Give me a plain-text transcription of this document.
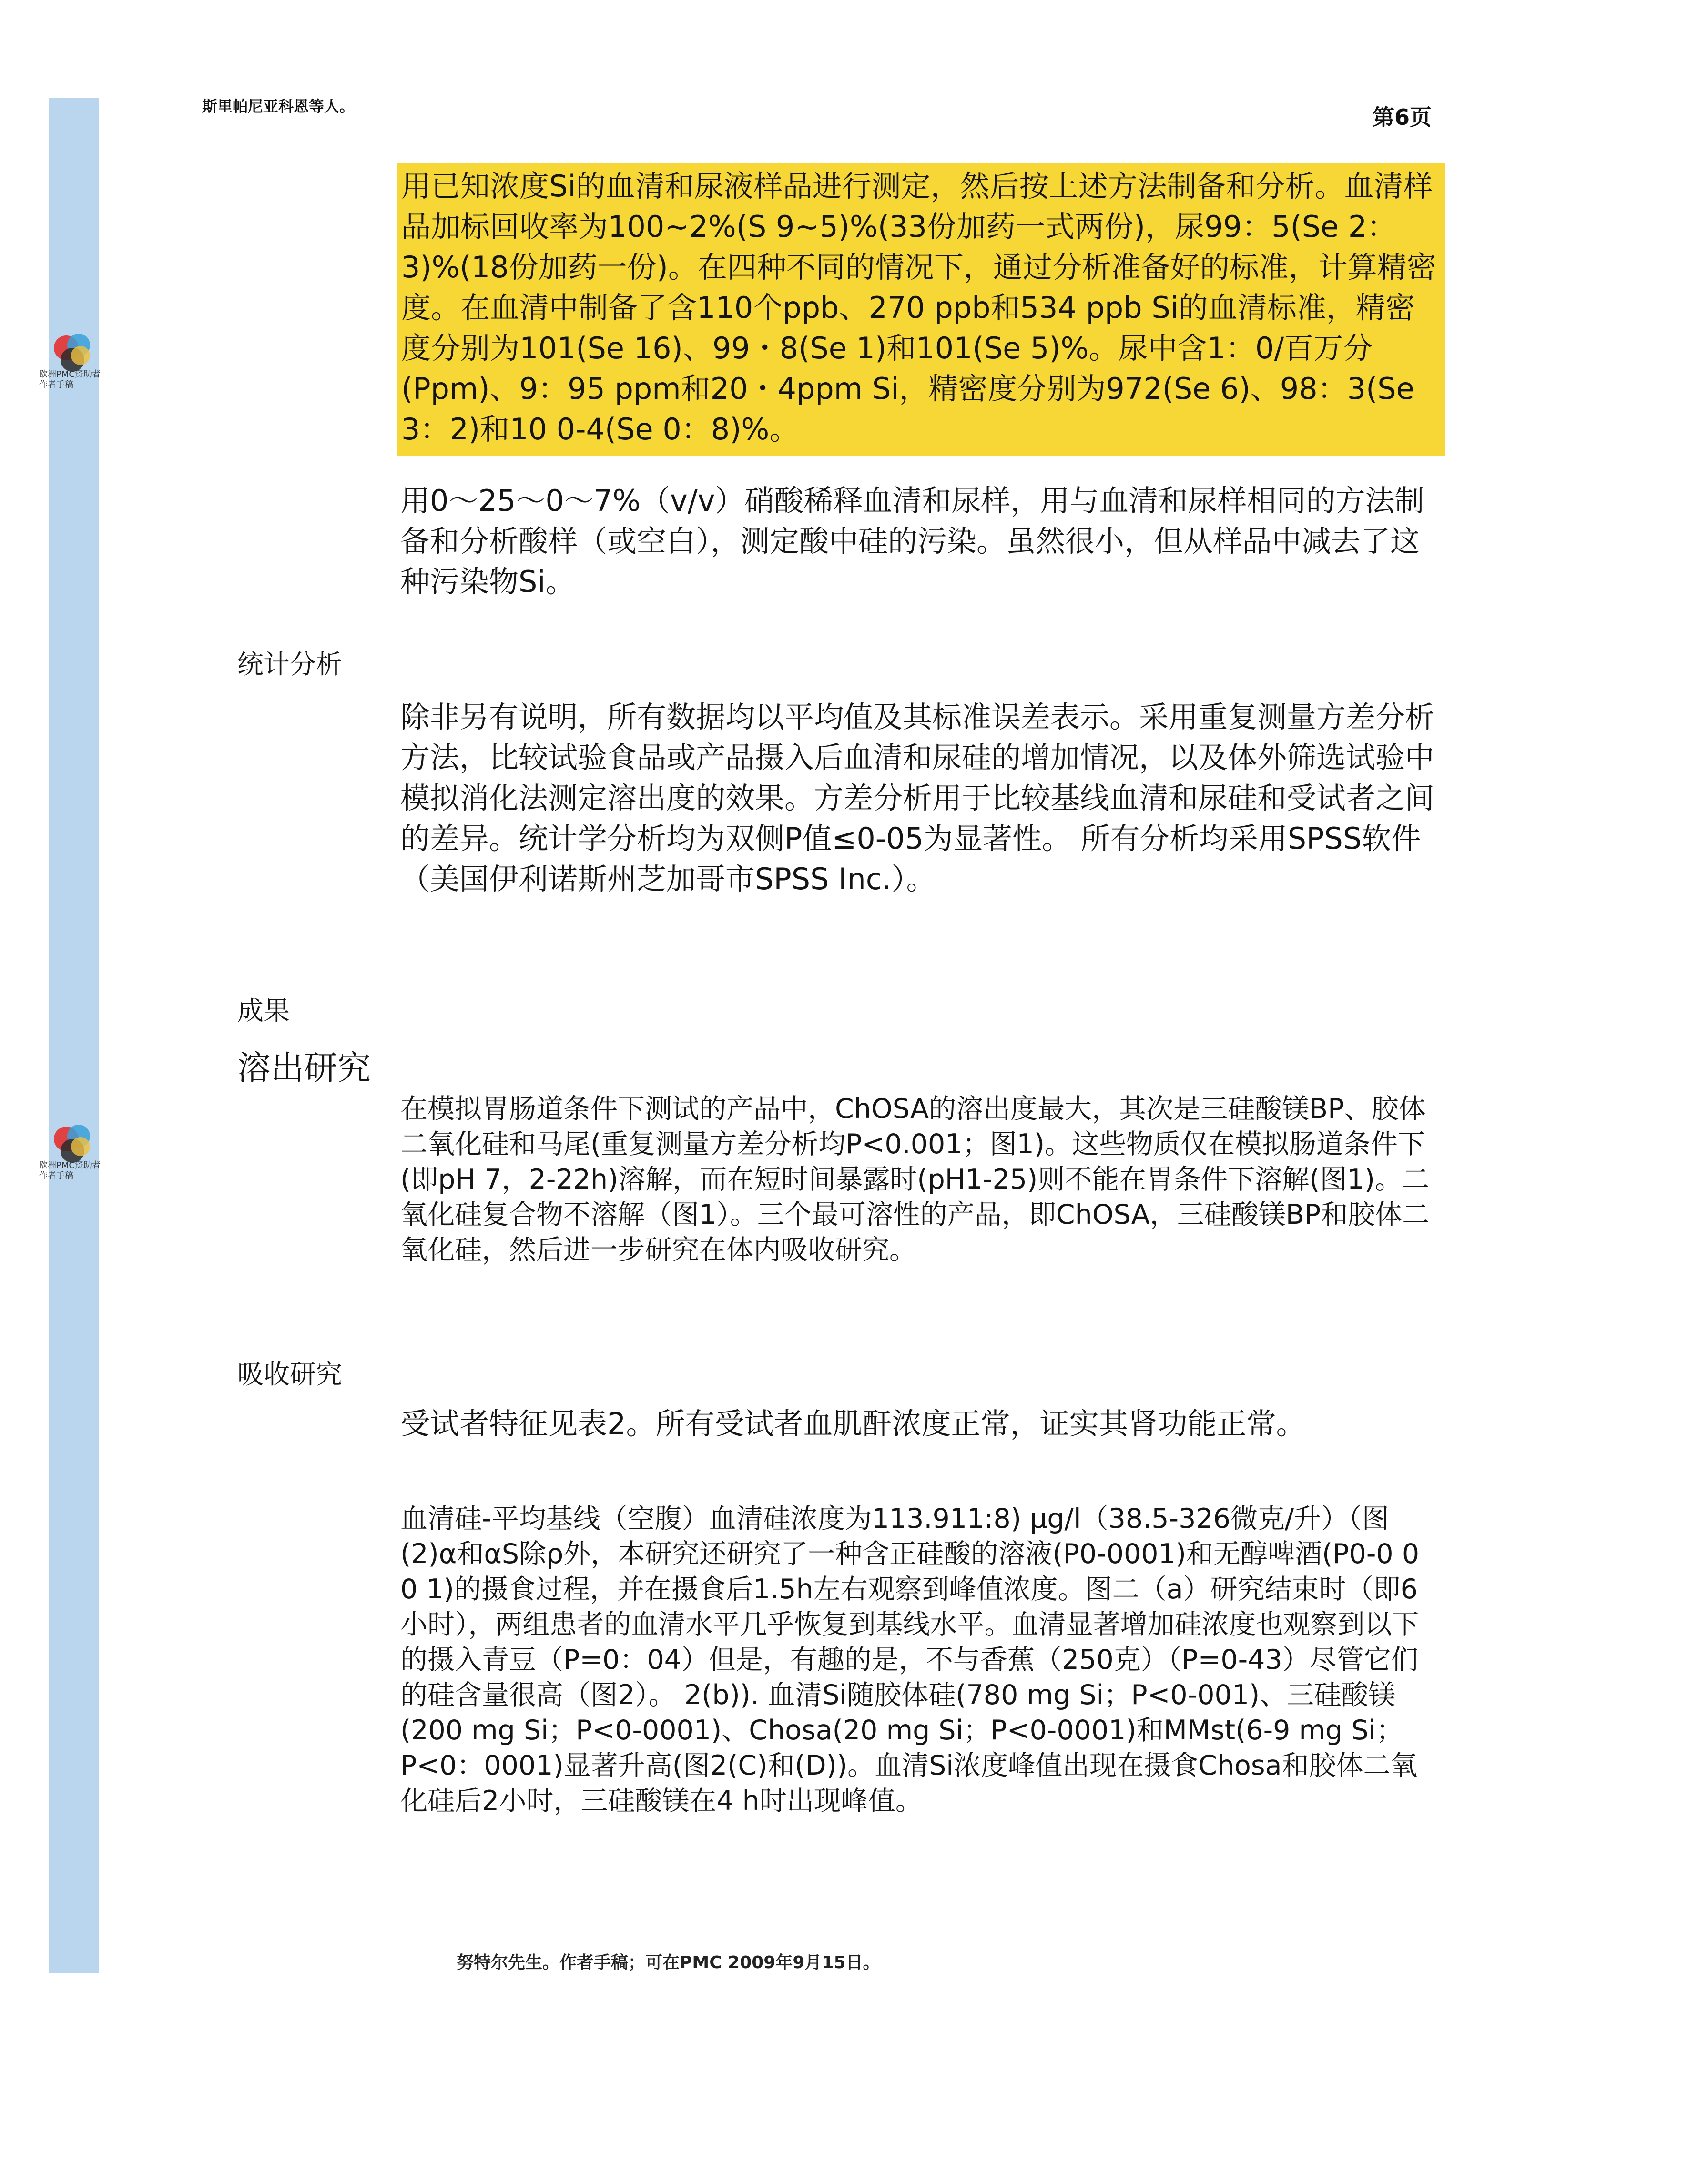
欧洲PMC资助者作者手稿
欧洲PMC资助者作者手稿
斯里帕尼亚科恩等人。	第6页
用已知浓度Si的血清和尿液样品进行测定，然后按上述方法制备和分析。血清样品加标回收率为100~2%(S 9~5)%(33份加药一式两份)，尿99：5(Se 2：3)%(18份加药一份)。在四种不同的情况下，通过分析准备好的标准，计算精密度。在血清中制备了含110个ppb、270 ppb和534 ppb Si的血清标准，精密度分别为101(Se 16)、99・8(Se 1)和101(Se 5)%。尿中含1：0/百万分(Ppm)、9：95 ppm和20・4ppm Si，精密度分别为972(Se 6)、98：3(Se 3：2)和10 0-4(Se 0：8)%。
用0～25～0～7%（v/v）硝酸稀释血清和尿样，用与血清和尿样相同的方法制备和分析酸样（或空白），测定酸中硅的污染。虽然很小，但从样品中减去了这种污染物Si。
统计分析
除非另有说明，所有数据均以平均值及其标准误差表示。采用重复测量方差分析方法，比较试验食品或产品摄入后血清和尿硅的增加情况，以及体外筛选试验中模拟消化法测定溶出度的效果。方差分析用于比较基线血清和尿硅和受试者之间的差异。统计学分析均为双侧P值≤0-05为显著性。 所有分析均采用SPSS软件（美国伊利诺斯州芝加哥市SPSS Inc.）。
成果
溶出研究
在模拟胃肠道条件下测试的产品中，ChOSA的溶出度最大，其次是三硅酸镁BP、胶体二氧化硅和马尾(重复测量方差分析均P<0.001；图1)。这些物质仅在模拟肠道条件下(即pH 7，2-22h)溶解，而在短时间暴露时(pH1-25)则不能在胃条件下溶解(图1)。二氧化硅复合物不溶解（图1）。三个最可溶性的产品，即ChOSA，三硅酸镁BP和胶体二氧化硅，然后进一步研究在体内吸收研究。
吸收研究
受试者特征见表2。所有受试者血肌酐浓度正常，证实其肾功能正常。
血清硅-平均基线（空腹）血清硅浓度为113.911:8) μg/l（38.5-326微克/升）（图(2)α和αS除ρ外，本研究还研究了一种含正硅酸的溶液(P0-0001)和无醇啤酒(P0-0 0 0 1)的摄食过程，并在摄食后1.5h左右观察到峰值浓度。图二（a）研究结束时（即6小时），两组患者的血清水平几乎恢复到基线水平。血清显著增加硅浓度也观察到以下的摄入青豆（P=0：04）但是，有趣的是，不与香蕉（250克）（P=0-43）尽管它们的硅含量很高（图2）。 2(b)). 血清Si随胶体硅(780 mg Si；P<0-001)、三硅酸镁(200 mg Si；P<0-0001)、Chosa(20 mg Si；P<0-0001)和MMst(6-9 mg Si；P<0：0001)显著升高(图2(C)和(D))。血清Si浓度峰值出现在摄食Chosa和胶体二氧化硅后2小时，三硅酸镁在4 h时出现峰值。
努特尔先生。作者手稿；可在PMC 2009年9月15日。
